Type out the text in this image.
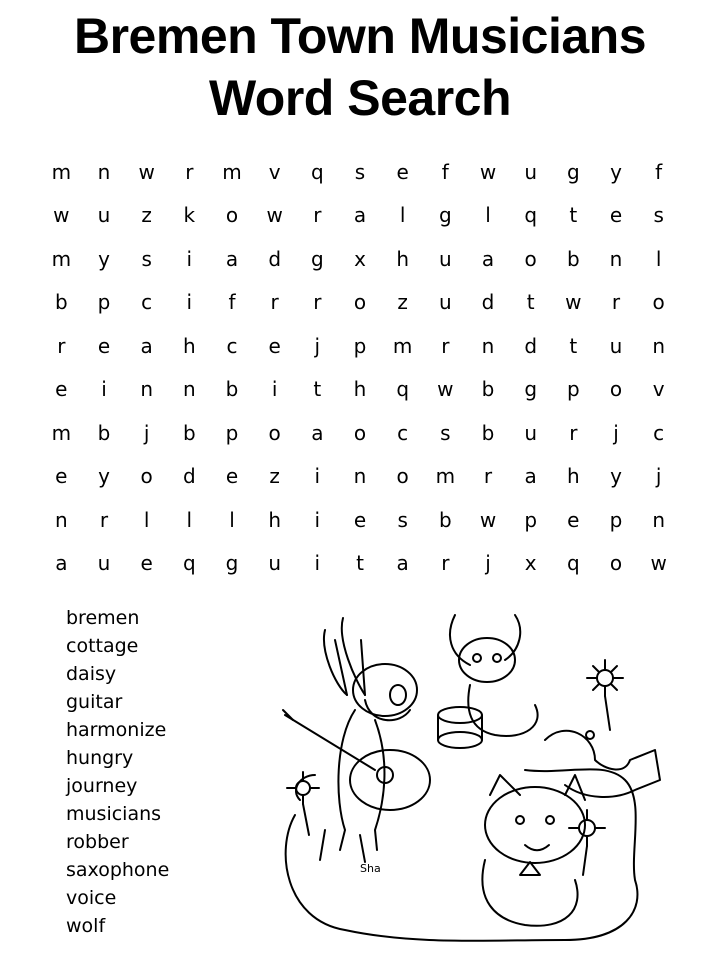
Bremen Town Musicians
Word Search
m	n	w	r	m	v	q	s	e	f	w	u	g	y	f
w	u	z	k	o	w	r	a	l	g	l	q	t	e	s
m	y	s	i	a	d	g	x	h	u	a	o	b	n	l
b	p	c	i	f	r	r	o	z	u	d	t	w	r	o
r	e	a	h	c	e	j	p	m	r	n	d	t	u	n
e	i	n	n	b	i	t	h	q	w	b	g	p	o	v
m	b	j	b	p	o	a	o	c	s	b	u	r	j	c
e	y	o	d	e	z	i	n	o	m	r	a	h	y	j
n	r	l	l	l	h	i	e	s	b	w	p	e	p	n
a	u	e	q	g	u	i	t	a	r	j	x	q	o	w
bremen
cottage
daisy
guitar
harmonize
hungry
journey
musicians
robber
saxophone
voice
wolf
Sha
